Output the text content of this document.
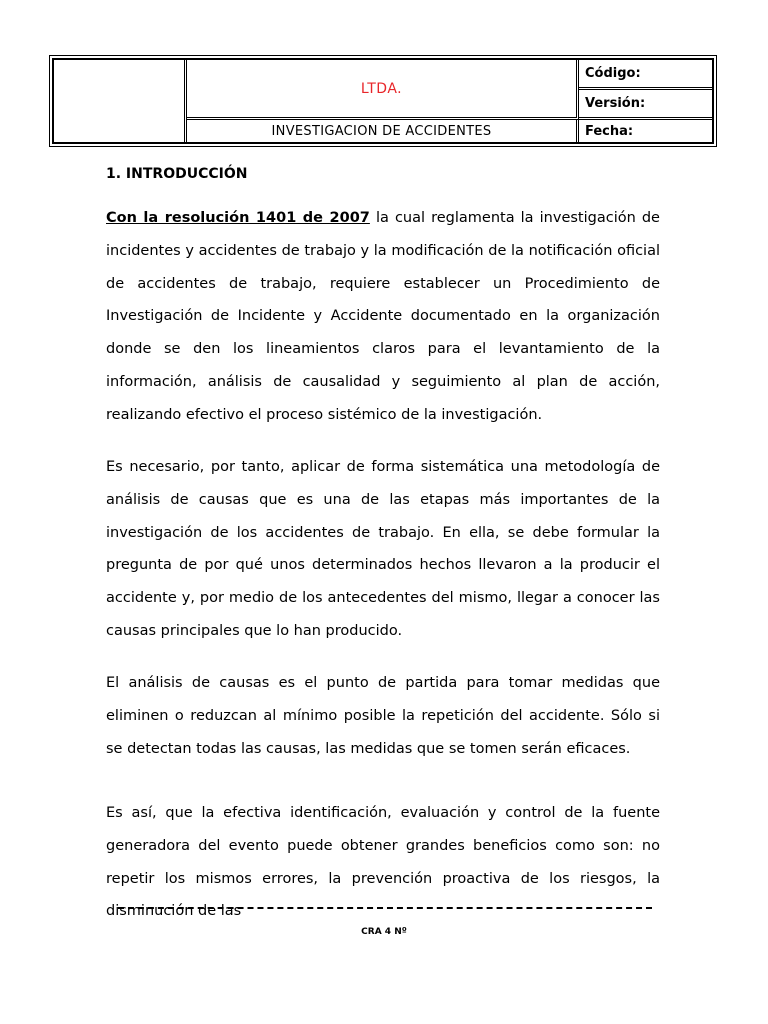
LTDA.
INVESTIGACION DE ACCIDENTES
Código:
Versión:
Fecha:
1. INTRODUCCIÓN

Con la resolución 1401 de 2007 la cual reglamenta la investigación de incidentes y accidentes de trabajo y la modificación de la notificación oficial de accidentes de trabajo, requiere establecer un Procedimiento de Investigación de Incidente y Accidente documentado en la organización donde se den los lineamientos claros para el levantamiento de la información, análisis de causalidad y seguimiento al plan de acción, realizando efectivo el proceso sistémico de la investigación.

Es necesario, por tanto, aplicar de forma sistemática una metodología de análisis de causas que es una de las etapas más importantes de la investigación de los accidentes de trabajo. En ella, se debe formular la pregunta de por qué unos determinados hechos llevaron a la producir el accidente y, por medio de los antecedentes del mismo, llegar a conocer las causas principales que lo han producido.

El análisis de causas es el punto de partida para tomar medidas que eliminen o reduzcan al mínimo posible la repetición del accidente. Sólo si se detectan todas las causas, las medidas que se tomen serán eficaces.

Es así, que la efectiva identificación, evaluación y control de la fuente generadora del evento puede obtener grandes beneficios como son: no repetir los mismos errores, la prevención proactiva de los riesgos, la disminución de las

CRA 4 Nº
